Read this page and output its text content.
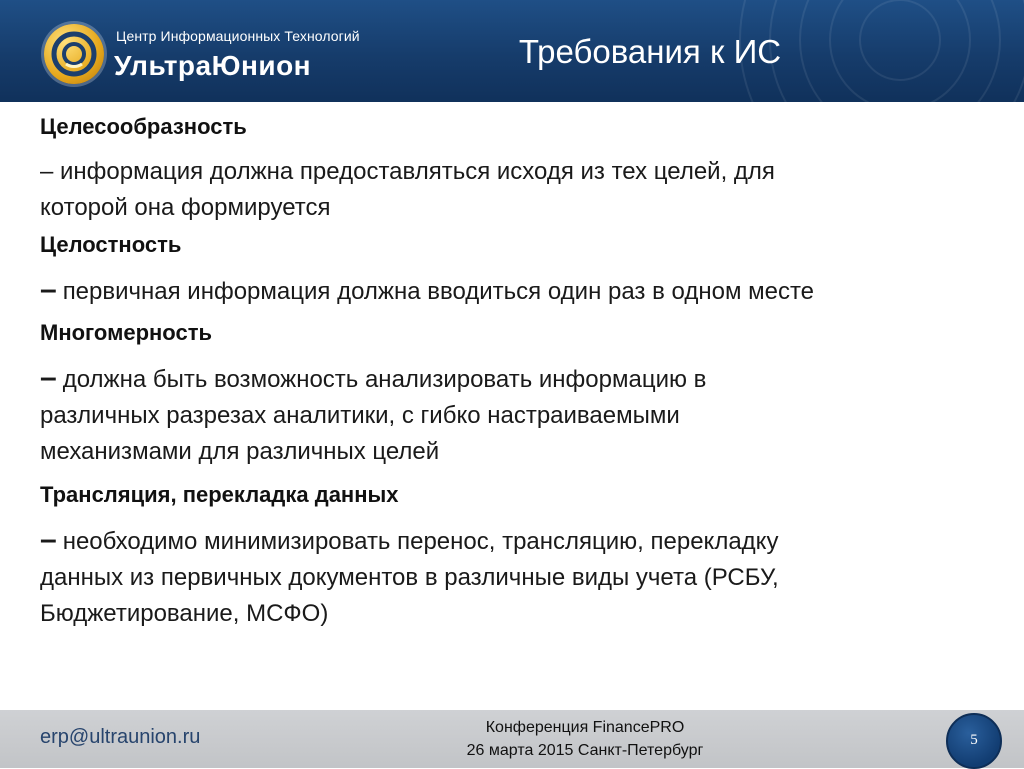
Центр Информационных Технологий
УльтраЮнион	Требования к ИС

Целесообразность

– информация должна предоставляться исходя из тех целей, для
которой она формируется

Целостность

– первичная информация должна вводиться один раз в одном месте

Многомерность

– должна быть возможность анализировать информацию в
различных разрезах аналитики, с гибко настраиваемыми
механизмами для различных целей

Трансляция, перекладка данных

– необходимо минимизировать перенос, трансляцию, перекладку
данных из первичных документов в различные виды учета (РСБУ,
Бюджетирование, МСФО)
erp@ultraunion.ru	Конференция FinancePRO
26 марта 2015 Санкт-Петербург
5
